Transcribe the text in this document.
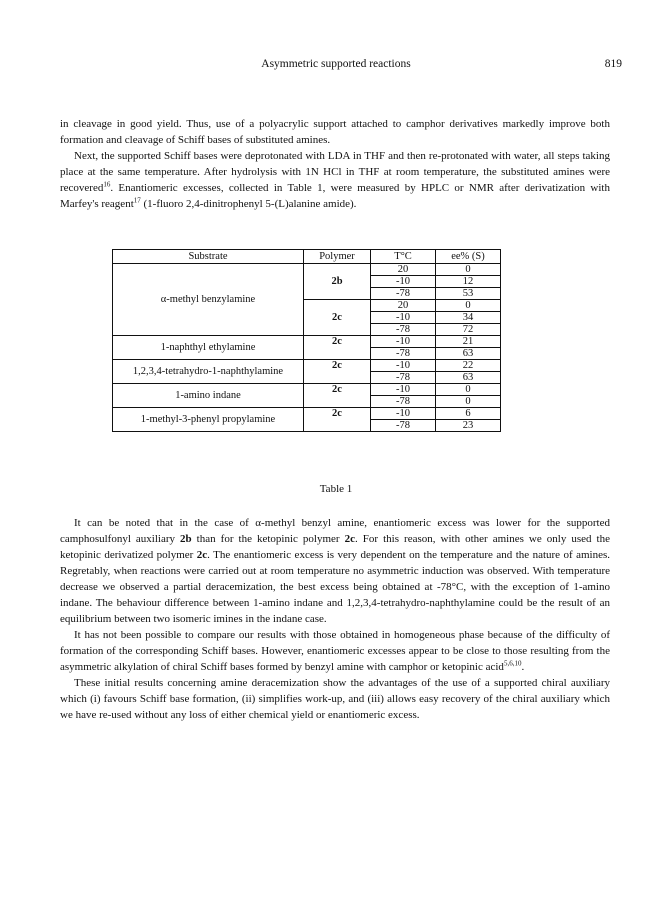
Asymmetric supported reactions	819

in cleavage in good yield. Thus, use of a polyacrylic support attached to camphor derivatives markedly improve both formation and cleavage of Schiff bases of substituted amines.

Next, the supported Schiff bases were deprotonated with LDA in THF and then re-protonated with water, all steps taking place at the same temperature. After hydrolysis with 1N HCl in THF at room temperature, the substituted amines were recovered$^{16}$. Enantiomeric excesses, collected in Table 1, were measured by HPLC or NMR after derivatization with Marfey's reagent$^{17}$ (1-fluoro 2,4-dinitrophenyl 5-(L)alanine amide).

Substrate	Polymer	T°C	ee% (S)
α-methyl benzylamine		20	0
	2b	-10	12
		-78	53
		20	0
	2c	-10	34
		-78	72
1-naphthyl ethylamine	2c	-10	21
		-78	63
1,2,3,4-tetrahydro-1-naphthylamine	2c	-10	22
		-78	63
1-amino indane	2c	-10	0
		-78	0
1-methyl-3-phenyl propylamine	2c	-10	6
		-78	23
Table 1

It can be noted that in the case of α-methyl benzyl amine, enantiomeric excess was lower for the supported camphosulfonyl auxiliary 2b than for the ketopinic polymer 2c. For this reason, with other amines we only used the ketopinic derivatized polymer 2c. The enantiomeric excess is very dependent on the temperature and the nature of amines. Regretably, when reactions were carried out at room temperature no asymmetric induction was observed. With temperature decrease we observed a partial deracemization, the best excess being obtained at -78°C, with the exception of 1-amino indane. The behaviour difference between 1-amino indane and 1,2,3,4-tetrahydro-naphthylamine could be the result of an equilibrium between two isomeric imines in the indane case.

It has not been possible to compare our results with those obtained in homogeneous phase because of the difficulty of formation of the corresponding Schiff bases. However, enantiomeric excesses appear to be close to those resulting from the asymmetric alkylation of chiral Schiff bases formed by benzyl amine with camphor or ketopinic acid$^{5,6,10}$.

These initial results concerning amine deracemization show the advantages of the use of a supported chiral auxiliary which (i) favours Schiff base formation, (ii) simplifies work-up, and (iii) allows easy recovery of the chiral auxiliary which we have re-used without any loss of either chemical yield or enantiomeric excess.
